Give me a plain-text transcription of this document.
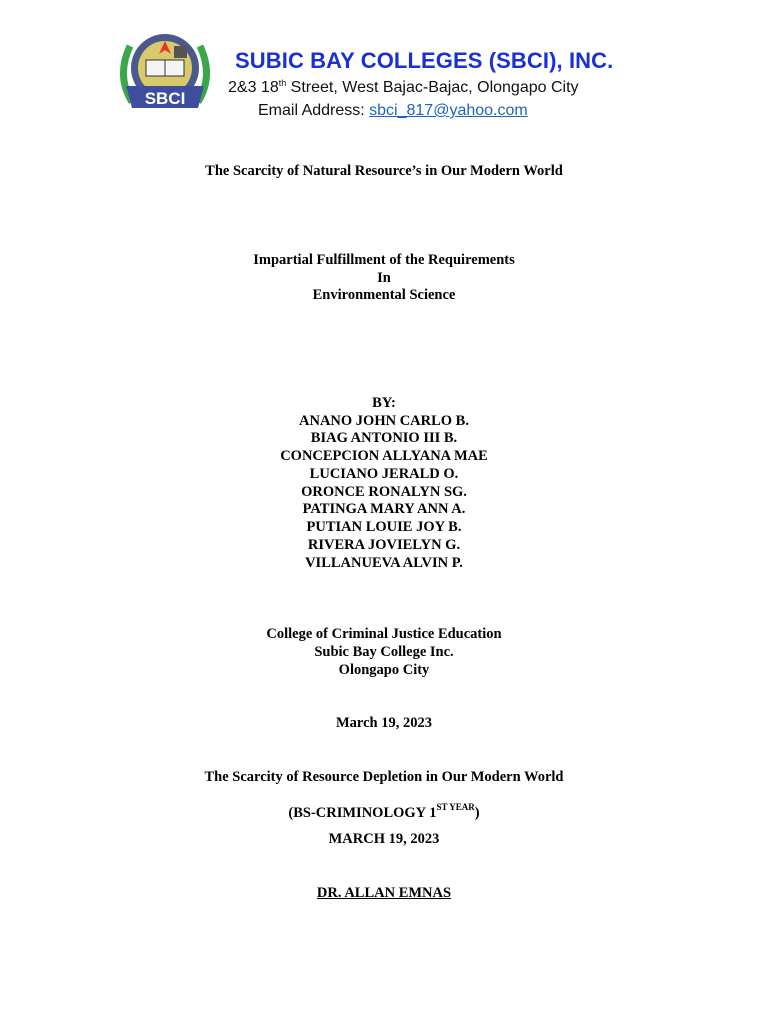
SBCI
SUBIC BAY COLLEGES (SBCI), INC.
2&3 18th Street, West Bajac-Bajac, Olongapo City
Email Address: sbci_817@yahoo.com
The Scarcity of Natural Resource’s in Our Modern World
Impartial Fulfillment of the Requirements
In
Environmental Science
BY:
ANANO JOHN CARLO B.
BIAG ANTONIO III B.
CONCEPCION ALLYANA MAE
LUCIANO JERALD O.
ORONCE RONALYN SG.
PATINGA MARY ANN A.
PUTIAN LOUIE JOY B.
RIVERA JOVIELYN G.
VILLANUEVA ALVIN P.
College of Criminal Justice Education
Subic Bay College Inc.
Olongapo City
March 19, 2023
The Scarcity of Resource Depletion in Our Modern World
(BS-CRIMINOLOGY $1^{ST YEAR}$)
MARCH 19, 2023
DR. ALLAN EMNAS
